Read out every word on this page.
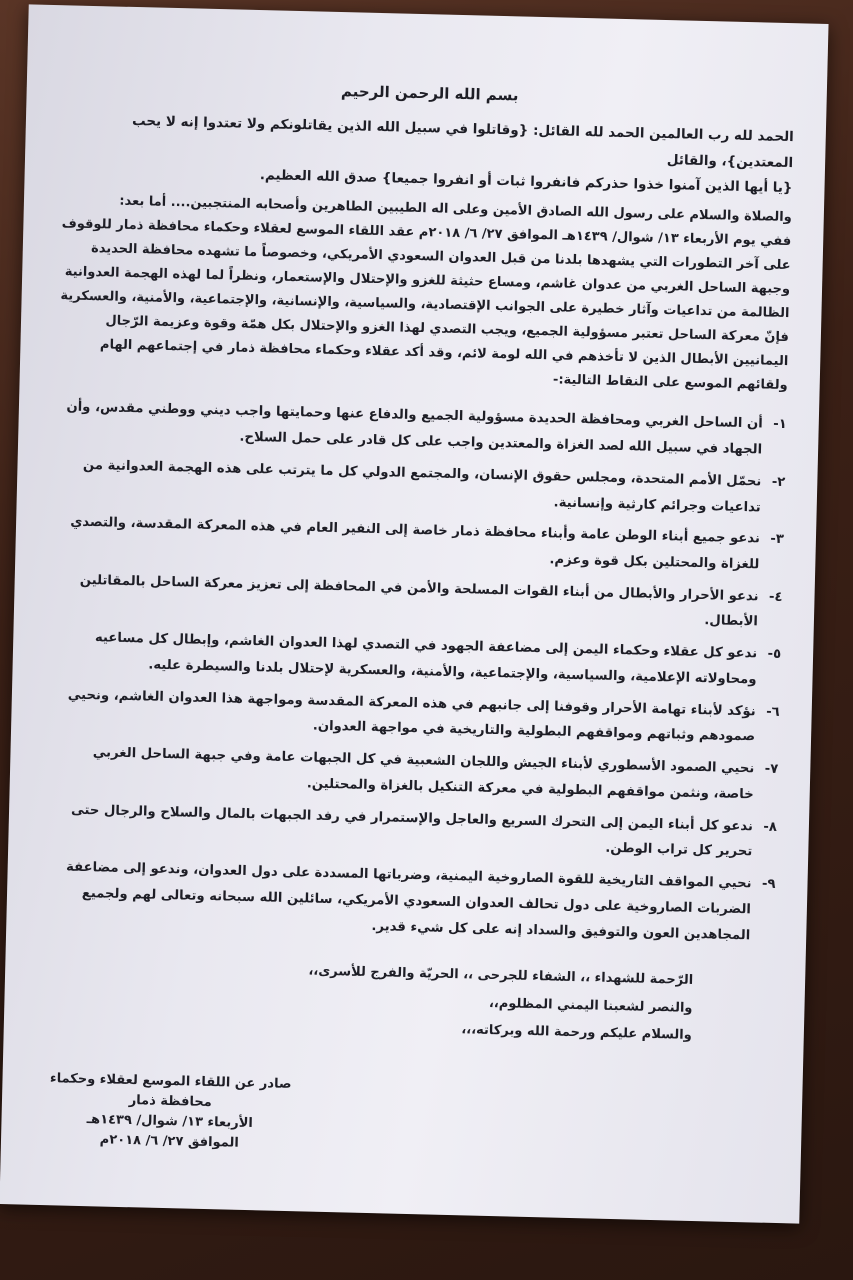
بسم الله الرحمن الرحيم

الحمد لله رب العالمين الحمد لله القائل: {وقاتلوا في سبيل الله الذين يقاتلونكم ولا تعتدوا إنه لا يحب المعتدين}، والقائل

{يا أيها الذين آمنوا خذوا حذركم فانفروا ثبات أو انفروا جميعا} صدق الله العظيم.

والصلاة والسلام على رسول الله الصادق الأمين وعلى اله الطيبين الطاهرين وأصحابه المنتجبين.... أما بعد:

ففي يوم الأربعاء ١٣/ شوال/ ١٤٣٩هـ الموافق ٢٧/ ٦/ ٢٠١٨م عقد اللقاء الموسع لعقلاء وحكماء محافظة ذمار للوقوف على آخر التطورات التي يشهدها بلدنا من قبل العدوان السعودي الأمريكي، وخصوصاً ما تشهده محافظة الحديدة وجبهة الساحل الغربي من عدوان غاشم، ومساع حثيثة للغزو والإحتلال والإستعمار، ونظراً لما لهذه الهجمة العدوانية الظالمة من تداعيات وآثار خطيرة على الجوانب الإقتصادية، والسياسية، والإنسانية، والإجتماعية، والأمنية، والعسكرية فإنّ معركة الساحل تعتبر مسؤولية الجميع، ويجب التصدي لهذا الغزو والإحتلال بكل همّة وقوة وعزيمة الرّجال اليمانيين الأبطال الذين لا تأخذهم في الله لومة لائم، وقد أكد عقلاء وحكماء محافظة ذمار في إجتماعهم الهام ولقائهم الموسع على النقاط التالية:-

١-
أن الساحل الغربي ومحافظة الحديدة مسؤولية الجميع والدفاع عنها وحمايتها واجب ديني ووطني مقدس، وأن الجهاد في سبيل الله لصد الغزاة والمعتدين واجب على كل قادر على حمل السلاح.
٢-
نحمّل الأمم المتحدة، ومجلس حقوق الإنسان، والمجتمع الدولي كل ما يترتب على هذه الهجمة العدوانية من تداعيات وجرائم كارثية وإنسانية.
٣-
ندعو جميع أبناء الوطن عامة وأبناء محافظة ذمار خاصة إلى النفير العام في هذه المعركة المقدسة، والتصدي للغزاة والمحتلين بكل قوة وعزم.
٤-
ندعو الأحرار والأبطال من أبناء القوات المسلحة والأمن في المحافظة إلى تعزيز معركة الساحل بالمقاتلين الأبطال.
٥-
ندعو كل عقلاء وحكماء اليمن إلى مضاعفة الجهود في التصدي لهذا العدوان الغاشم، وإبطال كل مساعيه ومحاولاته الإعلامية، والسياسية، والإجتماعية، والأمنية، والعسكرية لإحتلال بلدنا والسيطرة عليه.
٦-
نؤكد لأبناء تهامة الأحرار وقوفنا إلى جانبهم في هذه المعركة المقدسة ومواجهة هذا العدوان الغاشم، ونحيي صمودهم وثباتهم ومواقفهم البطولية والتاريخية في مواجهة العدوان.
٧-
نحيي الصمود الأسطوري لأبناء الجيش واللجان الشعبية في كل الجبهات عامة وفي جبهة الساحل الغربي خاصة، ونثمن مواقفهم البطولية في معركة التنكيل بالغزاة والمحتلين.
٨-
ندعو كل أبناء اليمن إلى التحرك السريع والعاجل والإستمرار في رفد الجبهات بالمال والسلاح والرجال حتى تحرير كل تراب الوطن.
٩-
نحيي المواقف التاريخية للقوة الصاروخية اليمنية، وضرباتها المسددة على دول العدوان، وندعو إلى مضاعفة الضربات الصاروخية على دول تحالف العدوان السعودي الأمريكي، سائلين الله سبحانه وتعالى لهم ولجميع المجاهدين العون والتوفيق والسداد إنه على كل شيء قدير.

الرّحمة للشهداء ،، الشفاء للجرحى ،، الحريّة والفرج للأسرى،،

والنصر لشعبنا اليمني المظلوم،،

والسلام عليكم ورحمة الله وبركاته،،،

صادر عن اللقاء الموسع لعقلاء وحكماء

محافظة ذمار

الأربعاء ١٣/ شوال/ ١٤٣٩هـ

الموافق ٢٧/ ٦/ ٢٠١٨م
